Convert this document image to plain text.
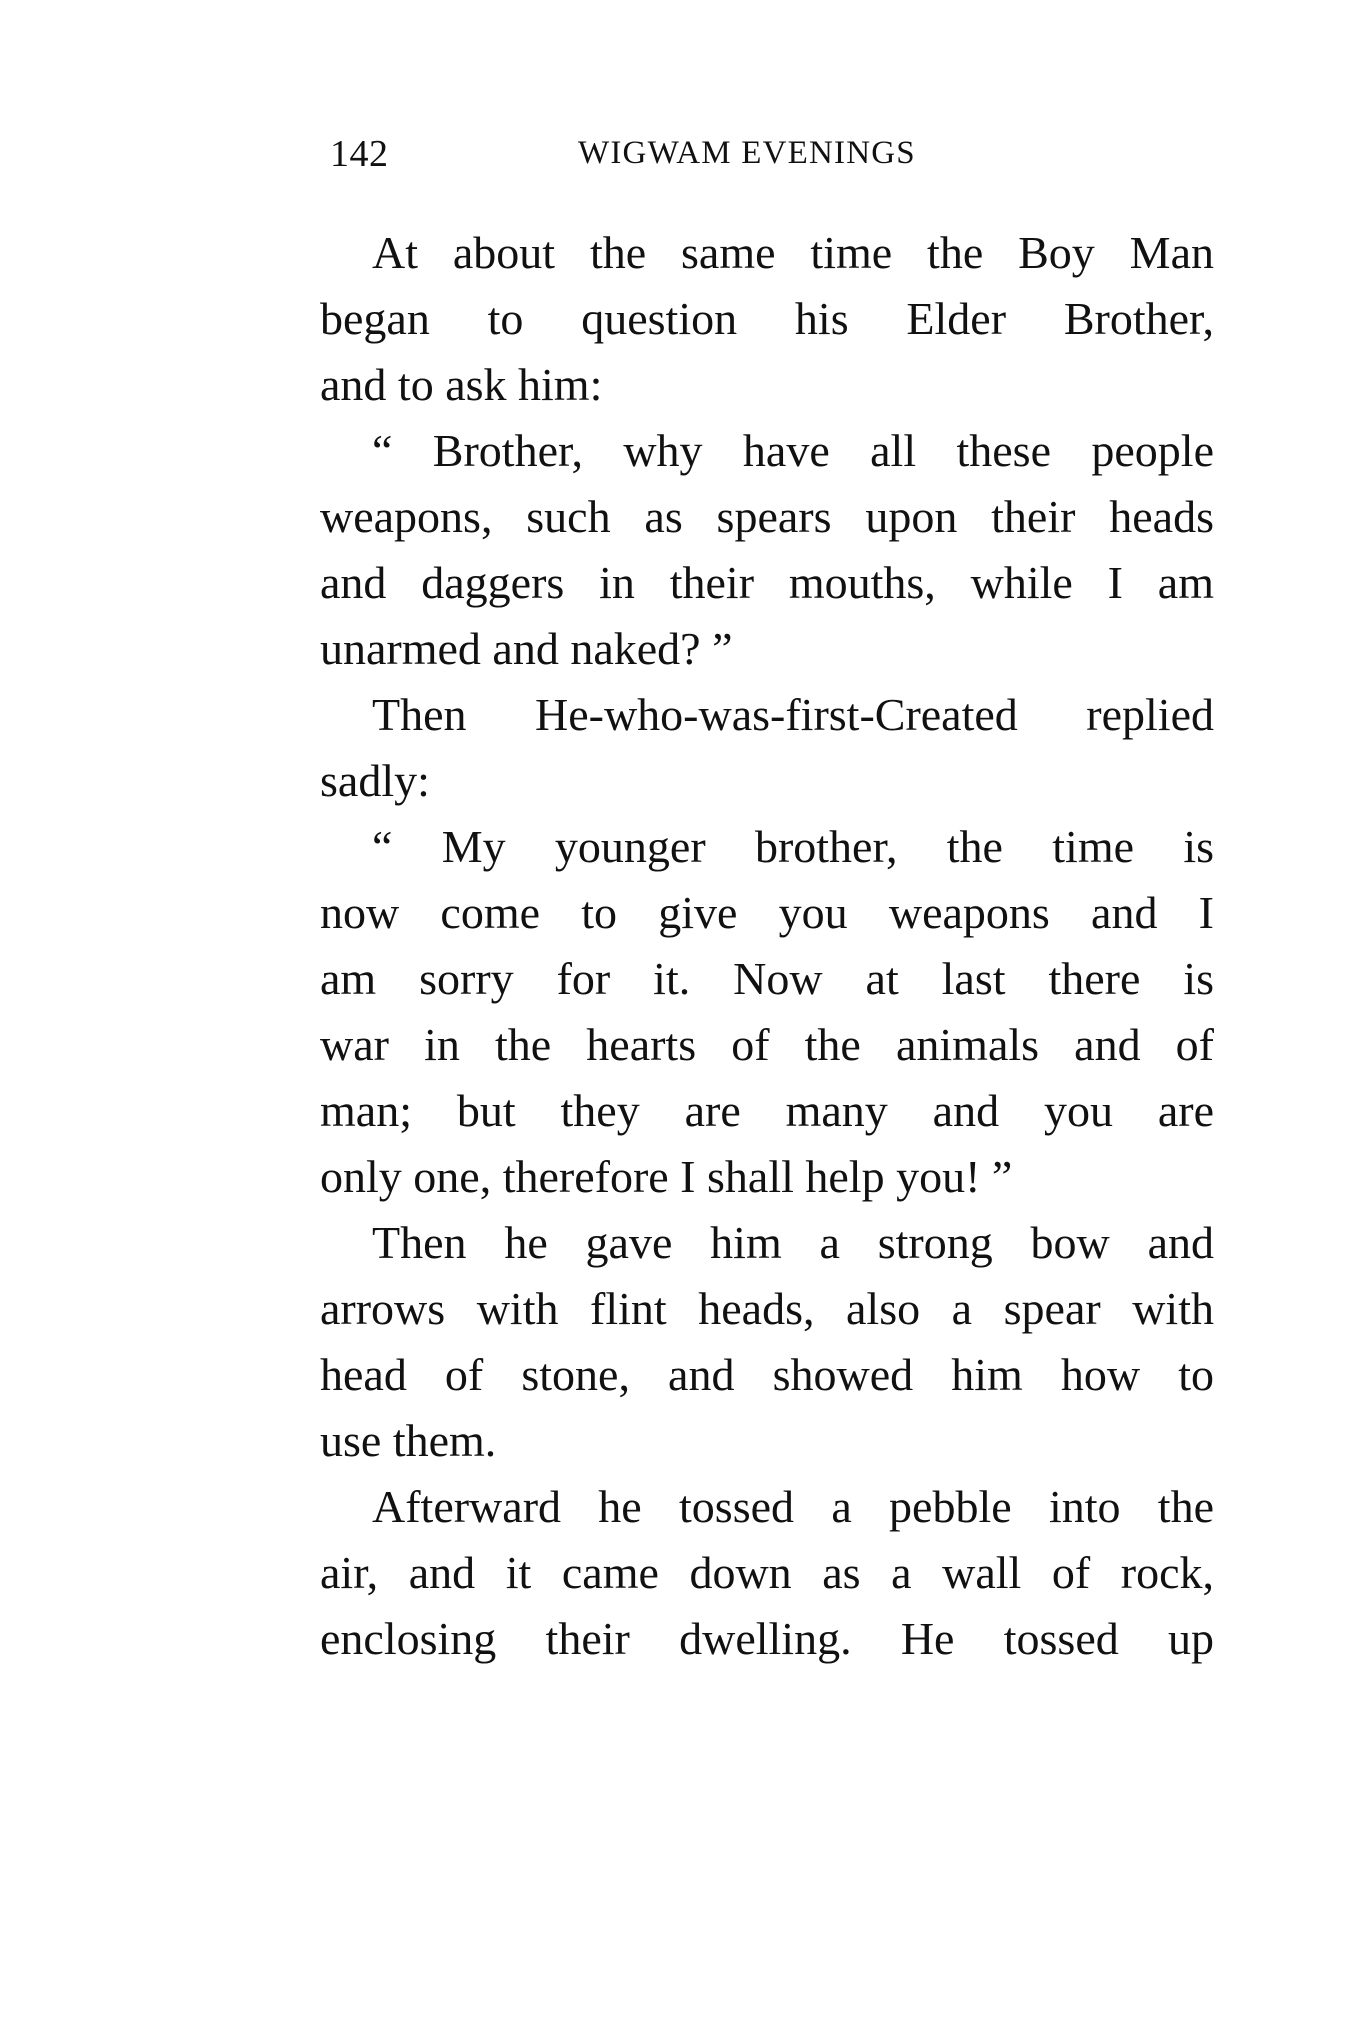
142	WIGWAM EVENINGS
At about the same time the Boy Man
began to question his Elder Brother,
and to ask him:
“ Brother, why have all these people
weapons, such as spears upon their heads
and daggers in their mouths, while I am
unarmed and naked? ”
Then He-who-was-first-Created replied
sadly:
“ My younger brother, the time is
now come to give you weapons and I
am sorry for it. Now at last there is
war in the hearts of the animals and of
man; but they are many and you are
only one, therefore I shall help you! ”
Then he gave him a strong bow and
arrows with flint heads, also a spear with
head of stone, and showed him how to
use them.
Afterward he tossed a pebble into the
air, and it came down as a wall of rock,
enclosing their dwelling. He tossed up
